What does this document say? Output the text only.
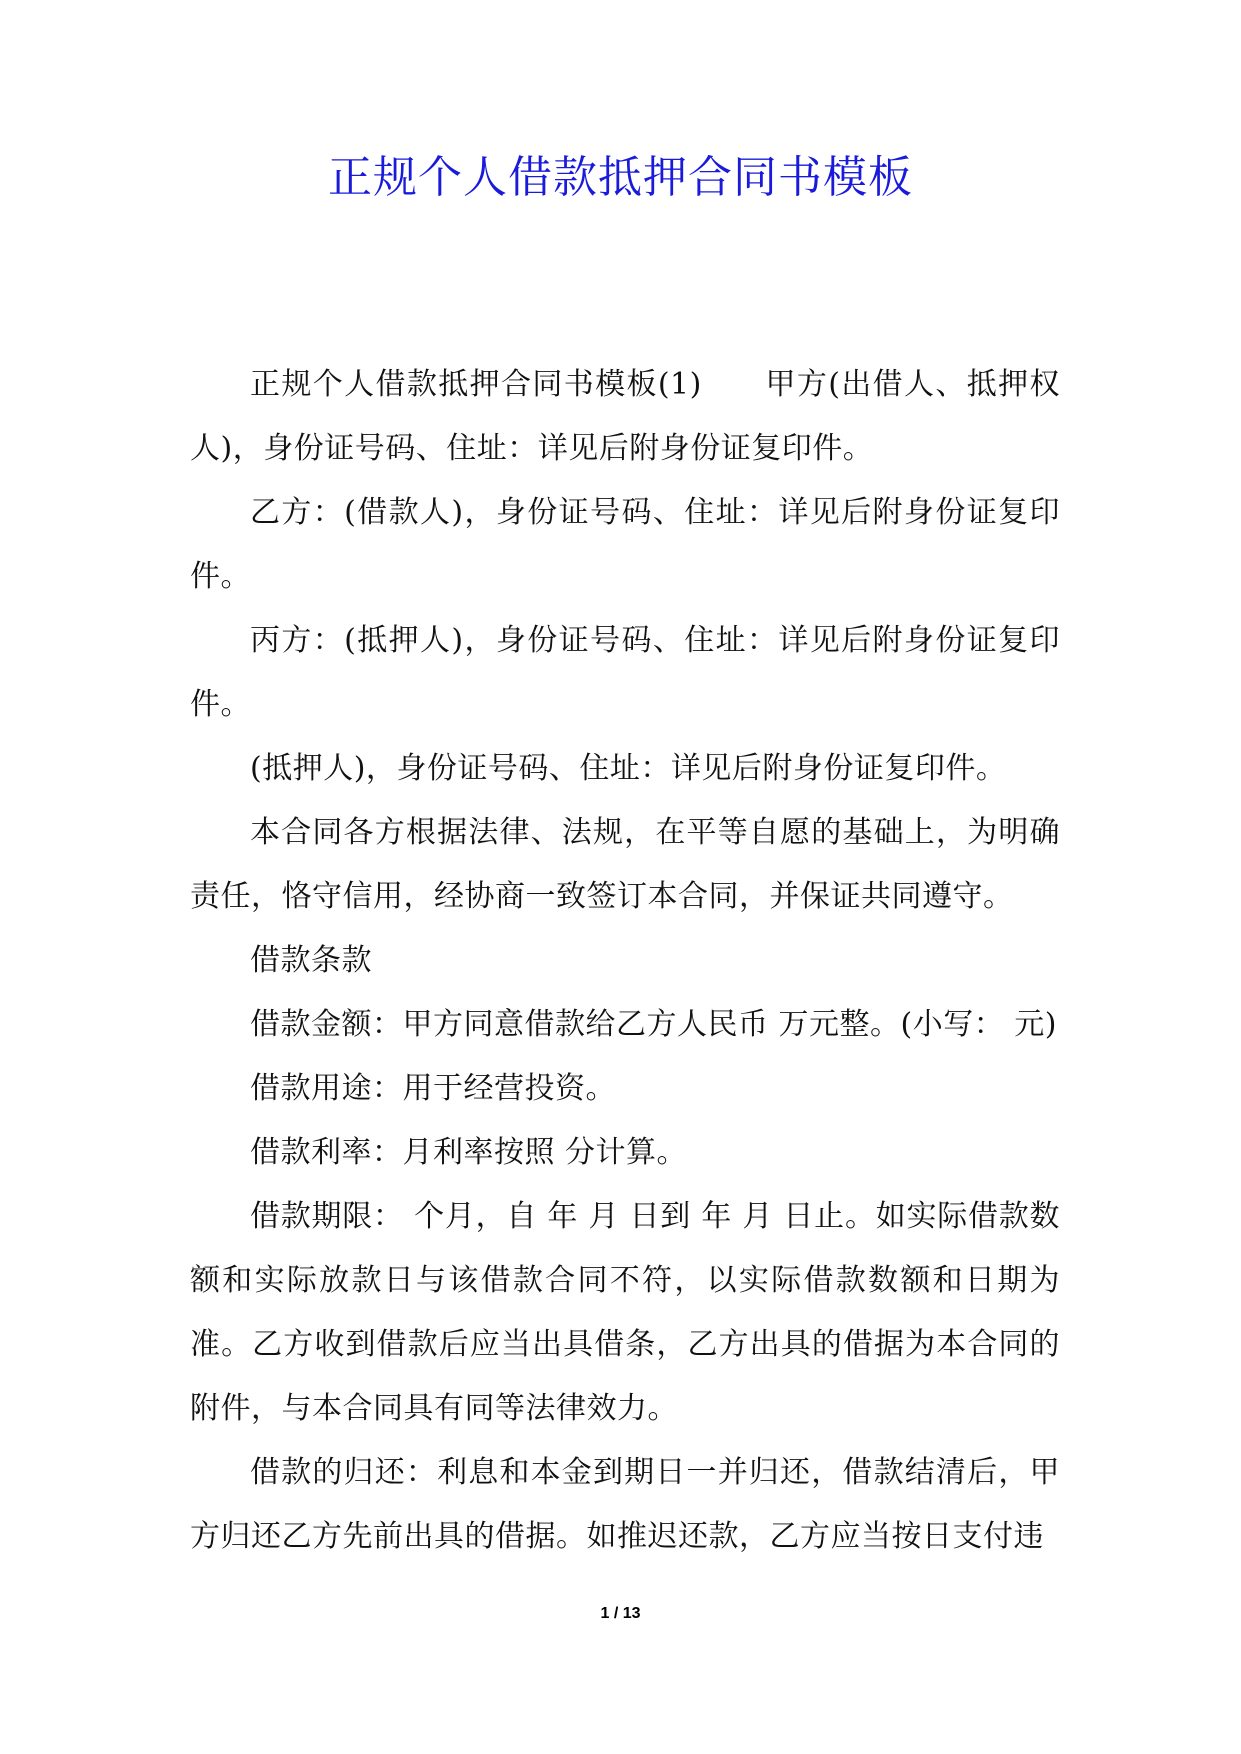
正规个人借款抵押合同书模板

正规个人借款抵押合同书模板(1)　　甲方(出借人、抵押权人)，身份证号码、住址：详见后附身份证复印件。

乙方：(借款人)，身份证号码、住址：详见后附身份证复印件。

丙方：(抵押人)，身份证号码、住址：详见后附身份证复印件。

(抵押人)，身份证号码、住址：详见后附身份证复印件。

本合同各方根据法律、法规，在平等自愿的基础上，为明确责任，恪守信用，经协商一致签订本合同，并保证共同遵守。

借款条款

借款金额：甲方同意借款给乙方人民币 万元整。(小写： 元)

借款用途：用于经营投资。

借款利率：月利率按照 分计算。

借款期限： 个月，自 年 月 日到 年 月 日止。如实际借款数额和实际放款日与该借款合同不符，以实际借款数额和日期为准。乙方收到借款后应当出具借条，乙方出具的借据为本合同的附件，与本合同具有同等法律效力。

借款的归还：利息和本金到期日一并归还，借款结清后，甲方归还乙方先前出具的借据。如推迟还款，乙方应当按日支付违

1 / 13
